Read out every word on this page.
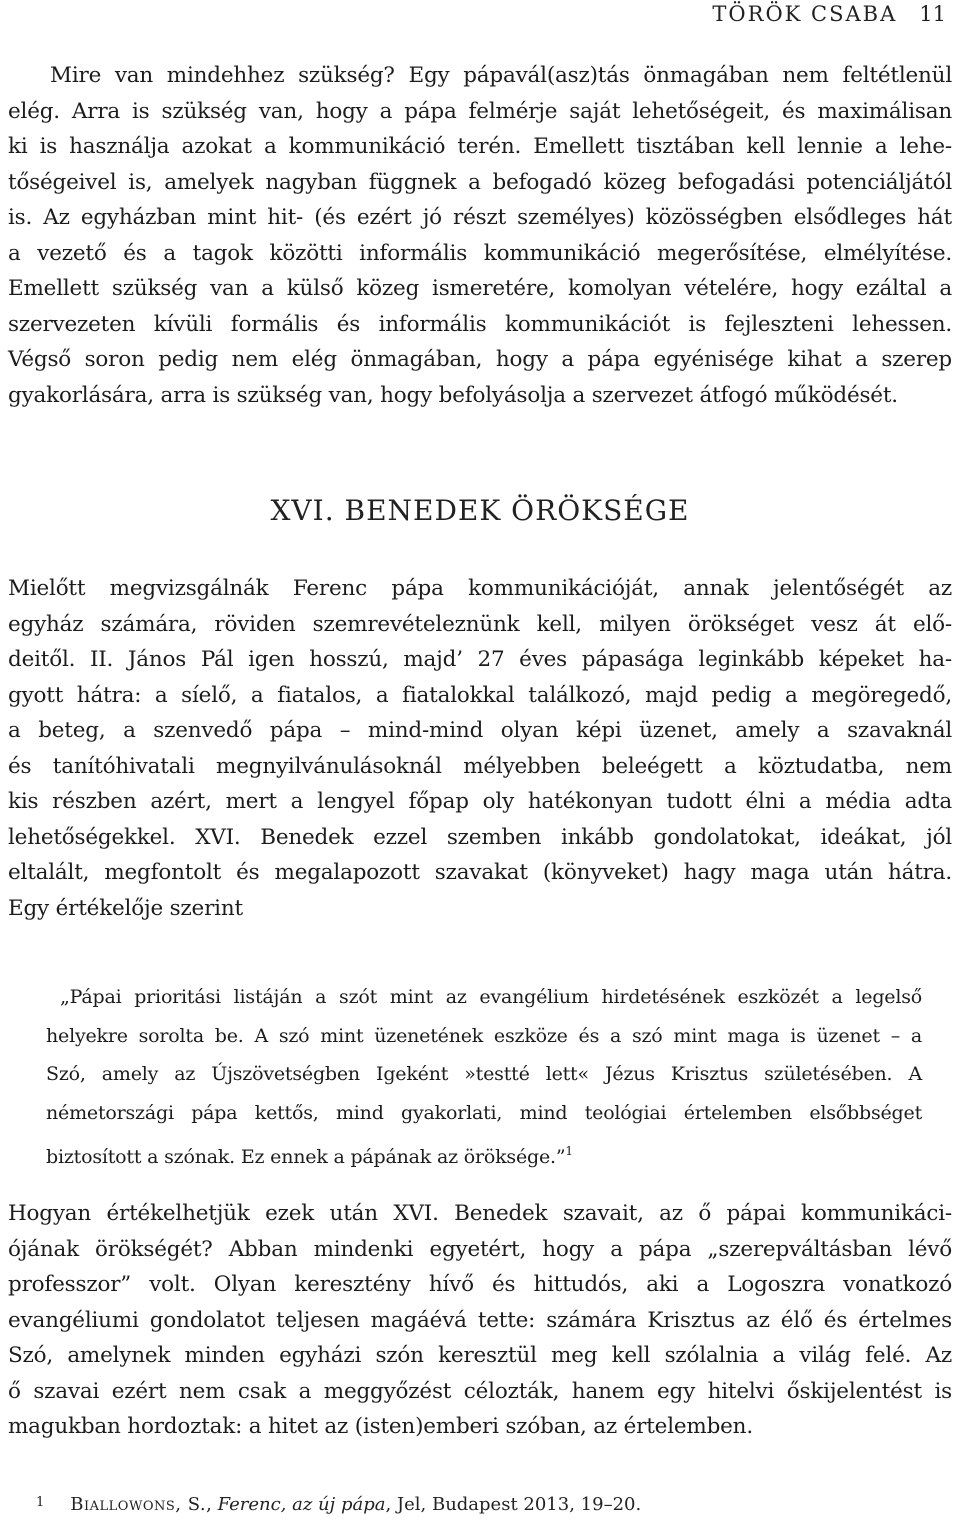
TÖRÖK CSABA 11

Mire van mindehhez szükség? Egy pápavál(asz)tás önmagában nem feltétlenül
elég. Arra is szükség van, hogy a pápa felmérje saját lehetőségeit, és maximálisan
ki is használja azokat a kommunikáció terén. Emellett tisztában kell lennie a lehe-
tőségeivel is, amelyek nagyban függnek a befogadó közeg befogadási potenciáljától
is. Az egyházban mint hit- (és ezért jó részt személyes) közösségben elsődleges hát
a vezető és a tagok közötti informális kommunikáció megerősítése, elmélyítése.
Emellett szükség van a külső közeg ismeretére, komolyan vételére, hogy ezáltal a
szervezeten kívüli formális és informális kommunikációt is fejleszteni lehessen.
Végső soron pedig nem elég önmagában, hogy a pápa egyénisége kihat a szerep
gyakorlására, arra is szükség van, hogy befolyásolja a szervezet átfogó működését.

XVI. BENEDEK ÖRÖKSÉGE

Mielőtt megvizsgálnák Ferenc pápa kommunikációját, annak jelentőségét az
egyház számára, röviden szemrevételeznünk kell, milyen örökséget vesz át elő-
deitől. II. János Pál igen hosszú, majd’ 27 éves pápasága leginkább képeket ha-
gyott hátra: a síelő, a fiatalos, a fiatalokkal találkozó, majd pedig a megöregedő,
a beteg, a szenvedő pápa – mind-mind olyan képi üzenet, amely a szavaknál
és tanítóhivatali megnyilvánulásoknál mélyebben beleégett a köztudatba, nem
kis részben azért, mert a lengyel főpap oly hatékonyan tudott élni a média adta
lehetőségekkel. XVI. Benedek ezzel szemben inkább gondolatokat, ideákat, jól
eltalált, megfontolt és megalapozott szavakat (könyveket) hagy maga után hátra.
Egy értékelője szerint

„Pápai prioritási listáján a szót mint az evangélium hirdetésének eszközét a legelső
helyekre sorolta be. A szó mint üzenetének eszköze és a szó mint maga is üzenet – a
Szó, amely az Újszövetségben Igeként »testté lett« Jézus Krisztus születésében. A
németországi pápa kettős, mind gyakorlati, mind teológiai értelemben elsőbbséget
biztosított a szónak. Ez ennek a pápának az öröksége.”$^1$

Hogyan értékelhetjük ezek után XVI. Benedek szavait, az ő pápai kommunikáci-
ójának örökségét? Abban mindenki egyetért, hogy a pápa „szerepváltásban lévő
professzor” volt. Olyan keresztény hívő és hittudós, aki a Logoszra vonatkozó
evangéliumi gondolatot teljesen magáévá tette: számára Krisztus az élő és értelmes
Szó, amelynek minden egyházi szón keresztül meg kell szólalnia a világ felé. Az
ő szavai ezért nem csak a meggyőzést célozták, hanem egy hitelvi őskijelentést is
magukban hordoztak: a hitet az (isten)emberi szóban, az értelemben.

$^1$ Biallowons, S., Ferenc, az új pápa, Jel, Budapest 2013, 19–20.
